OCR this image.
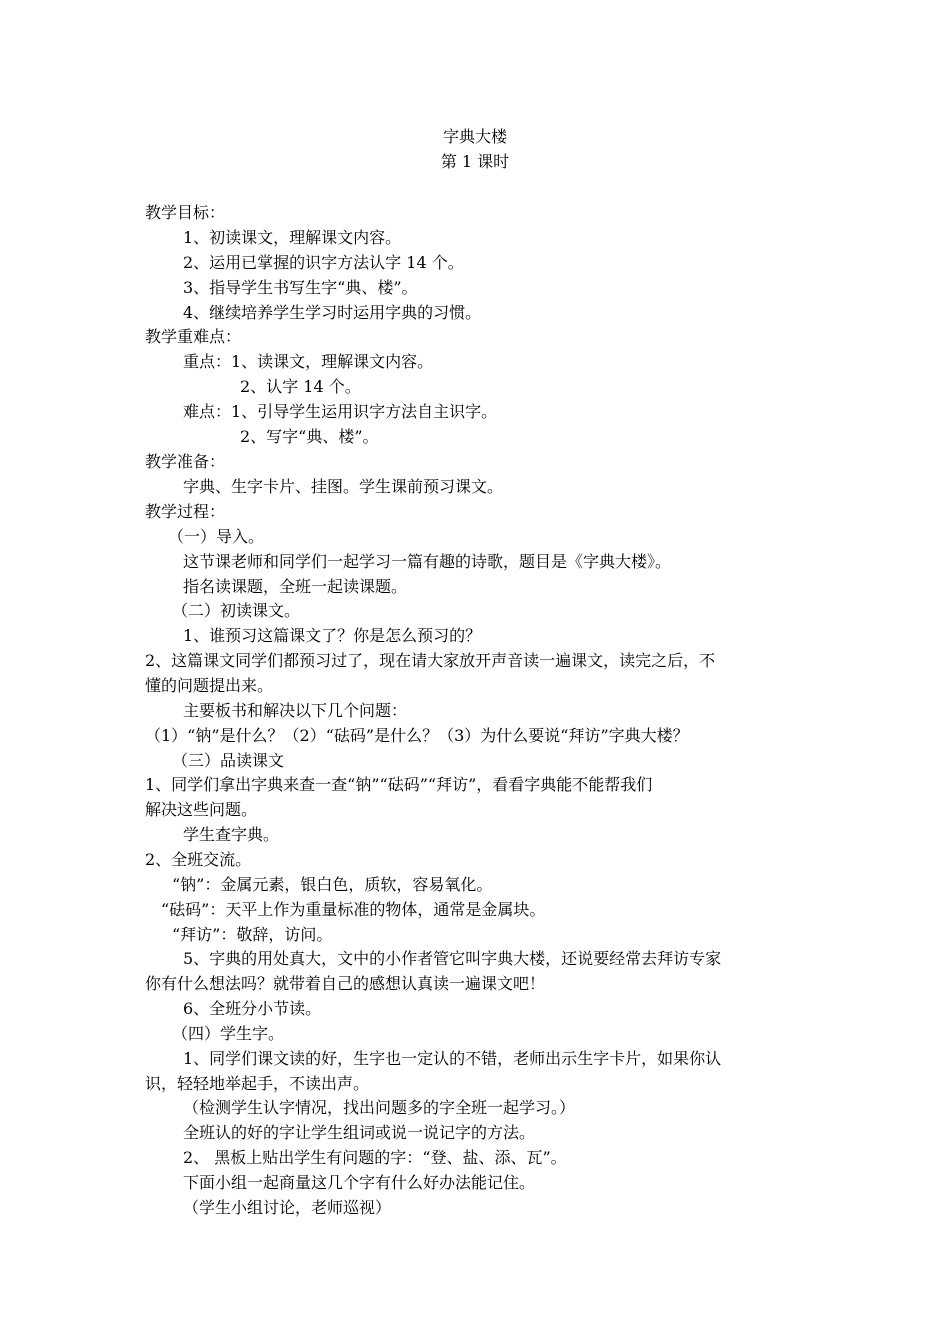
字典大楼
第 1 课时
教学目标：
1、初读课文，理解课文内容。
2、运用已掌握的识字方法认字 14 个。
3、指导学生书写生字“典、楼”。
4、继续培养学生学习时运用字典的习惯。
教学重难点：
重点：1、读课文，理解课文内容。
2、认字 14 个。
难点：1、引导学生运用识字方法自主识字。
2、写字“典、楼”。
教学准备：
字典、生字卡片、挂图。学生课前预习课文。
教学过程：
（一）导入。
这节课老师和同学们一起学习一篇有趣的诗歌，题目是《字典大楼》。
指名读课题，全班一起读课题。
（二）初读课文。
1、谁预习这篇课文了？你是怎么预习的？
2、这篇课文同学们都预习过了，现在请大家放开声音读一遍课文，读完之后，不
懂的问题提出来。
主要板书和解决以下几个问题：
（1）“钠”是什么？（2）“砝码”是什么？（3）为什么要说“拜访”字典大楼？
（三）品读课文
1、同学们拿出字典来查一查“钠”“砝码”“拜访”，看看字典能不能帮我们
解决这些问题。
学生查字典。
2、全班交流。
“钠”：金属元素，银白色，质软，容易氧化。
“砝码”：天平上作为重量标准的物体，通常是金属块。
“拜访”：敬辞，访问。
5、字典的用处真大，文中的小作者管它叫字典大楼，还说要经常去拜访专家
你有什么想法吗？就带着自己的感想认真读一遍课文吧！
6、全班分小节读。
（四）学生字。
1、同学们课文读的好，生字也一定认的不错，老师出示生字卡片，如果你认
识，轻轻地举起手，不读出声。
（检测学生认字情况，找出问题多的字全班一起学习。）
全班认的好的字让学生组词或说一说记字的方法。
2、 黑板上贴出学生有问题的字：“登、盐、添、瓦”。
下面小组一起商量这几个字有什么好办法能记住。
（学生小组讨论，老师巡视）
